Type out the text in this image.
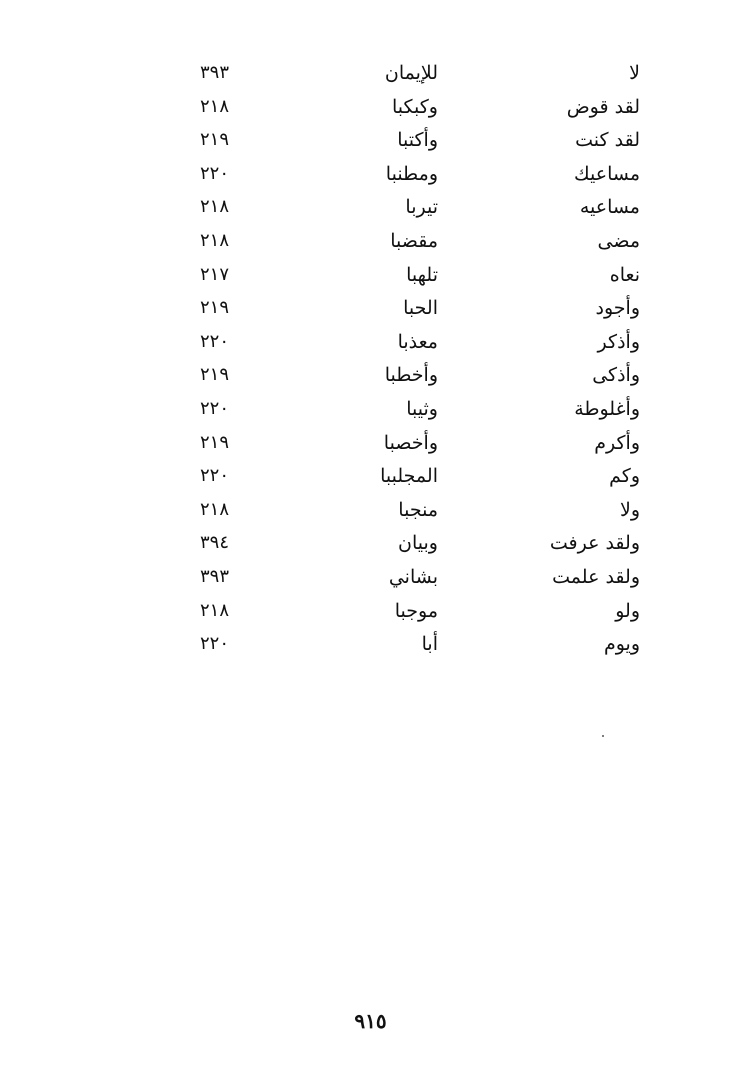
لا
للإيمان
٣٩٣
لقد قوض
وكبكبا
٢١٨
لقد كنت
وأكتبا
٢١٩
مساعيك
ومطنبا
٢٢٠
مساعيه
تيربا
٢١٨
مضى
مقضبا
٢١٨
نعاه
تلهبا
٢١٧
وأجود
الحبا
٢١٩
وأذكر
معذبا
٢٢٠
وأذكى
وأخطبا
٢١٩
وأغلوطة
وثيبا
٢٢٠
وأكرم
وأخصبا
٢١٩
وكم
المجلببا
٢٢٠
ولا
منجبا
٢١٨
ولقد عرفت
وبيان
٣٩٤
ولقد علمت
بشاني
٣٩٣
ولو
موجبا
٢١٨
ويوم
أبا
٢٢٠
٩١٥
